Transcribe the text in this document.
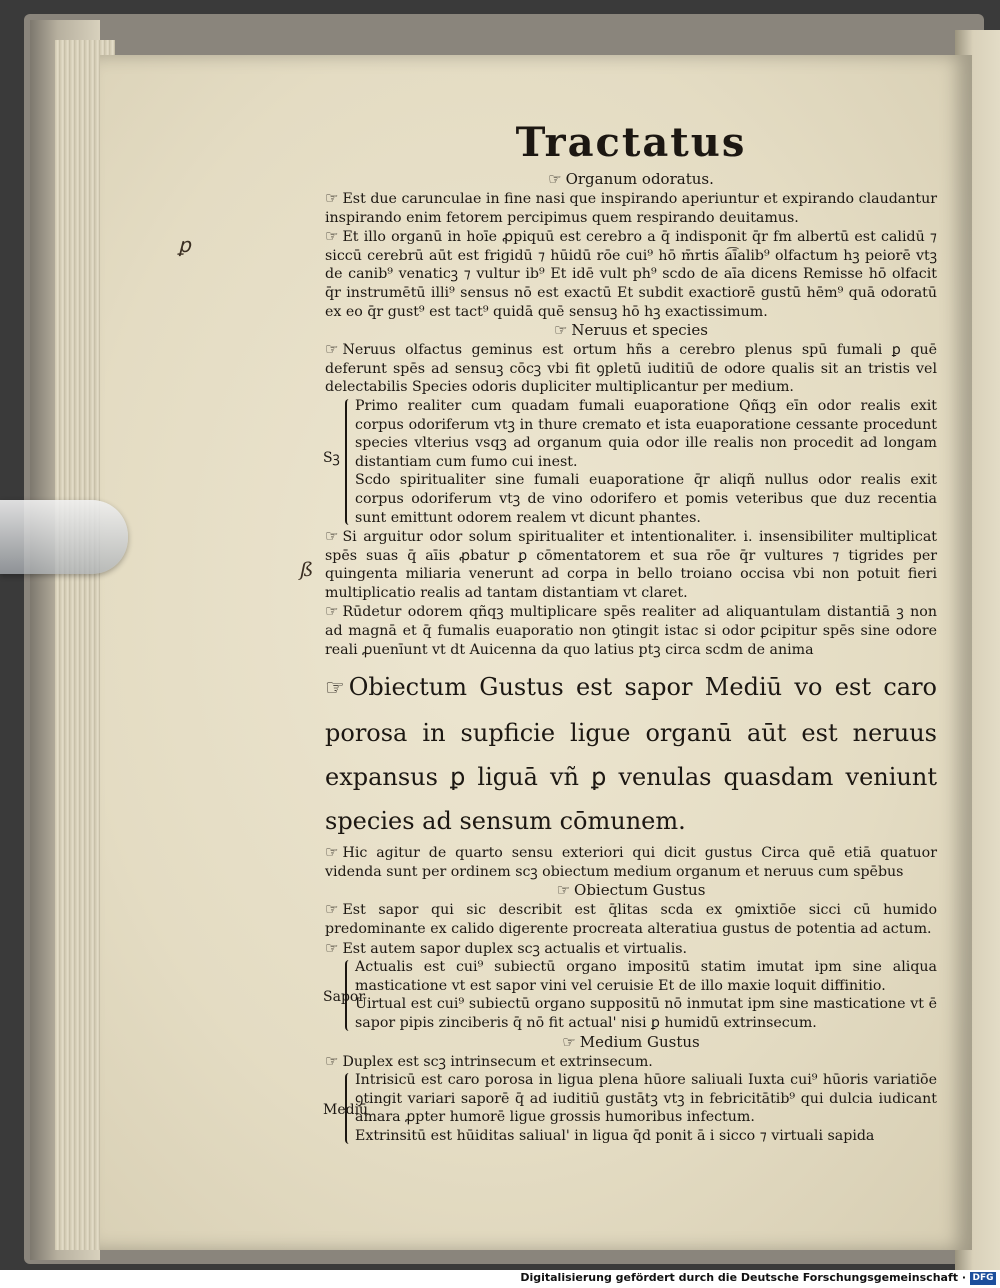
ꝑ
ß
Tractatus
☞ Organum odoratus.
☞ Est due carunculae in fine nasi que inspirando aperiuntur et expirando claudantur inspirando enim fetorem percipimus quem respirando deuitamus.
☞ Et illo organū in hoīe ꝓpiquū est cerebro a q̄ indisponit q̄r fm albertū est calidū ⁊ siccū cerebrū aūt est frigidū ⁊ hūidū rōe cui⁹ hō m̄rtis a͡īalib⁹ olfactum hꝫ peiorē vtꝫ de canib⁹ venaticꝫ ⁊ vultur ib⁹ Et idē vult ph⁹ scdo de aīa dicens Remisse hō olfacit q̄r instrumētū illi⁹ sensus nō est exactū Et subdit exactiorē gustū hēm⁹ quā odoratū ex eo q̄r gust⁹ est tact⁹ quidā quē sensuꝫ hō hꝫ exactissimum.
☞ Neruus et species
☞ Neruus olfactus geminus est ortum hñs a cerebro plenus spū fumali ꝑ quē deferunt spēs ad sensuꝫ cōcꝫ vbi fit ꝯpletū iuditiū de odore qualis sit an tristis vel delectabilis Species odoris dupliciter multiplicantur per medium.
Sꝫ
Primo realiter cum quadam fumali euaporatione Qñqꝫ eīn odor realis exit corpus odoriferum vtꝫ in thure cremato et ista euaporatione cessante procedunt species vlterius vsqꝫ ad organum quia odor ille realis non procedit ad longam distantiam cum fumo cui inest.
Scdo spiritualiter sine fumali euaporatione q̄r aliqñ nullus odor realis exit corpus odoriferum vtꝫ de vino odorifero et pomis veteribus que duz recentia sunt emittunt odorem realem vt dicunt phantes.
☞ Si arguitur odor solum spiritualiter et intentionaliter. i. insensibiliter multiplicat spēs suas q̄ aīis ꝓbatur ꝑ cōmentatorem et sua rōe q̄r vultures ⁊ tigrides per quingenta miliaria venerunt ad corpa in bello troiano occisa vbi non potuit fieri multiplicatio realis ad tantam distantiam vt claret.
☞ Rūdetur odorem qñqꝫ multiplicare spēs realiter ad aliquantulam distantiā ꝫ non ad magnā et q̄ fumalis euaporatio non ꝯtingit istac si odor ꝑcipitur spēs sine odore reali ꝓuenīunt vt dt Auicenna da quo latius ptꝫ circa scdm de anima
☞ Obiectum Gustus est sapor Mediū vo est caro porosa in supficie ligue organū aūt est neruus expansus ꝑ liguā vñ ꝑ venulas quasdam veniunt species ad sensum cōmunem.
☞ Hic agitur de quarto sensu exteriori qui dicit gustus Circa quē etiā quatuor videnda sunt per ordinem scꝫ obiectum medium organum et neruus cum spēbus
☞ Obiectum Gustus
☞ Est sapor qui sic describit est q̄litas scda ex ꝯmixtiōe sicci cū humido predominante ex calido digerente procreata alteratiua gustus de potentia ad actum.
☞ Est autem sapor duplex scꝫ actualis et virtualis.
Sapor
Actualis est cui⁹ subiectū organo impositū statim imutat ipm sine aliqua masticatione vt est sapor vini vel ceruisie Et de illo maxie loquit diffinitio.
Uirtual est cui⁹ subiectū organo suppositū nō inmutat ipm sine masticatione vt ē sapor pipis zinciberis q̄ nō fit actual' nisi ꝑ humidū extrinsecum.
☞ Medium Gustus
☞ Duplex est scꝫ intrinsecum et extrinsecum.
Mediū
Intrisicū est caro porosa in ligua plena hūore saliuali Iuxta cui⁹ hūoris variatiōe ꝯtingit variari saporē q̄ ad iuditiū gustātꝫ vtꝫ in febricitātib⁹ qui dulcia iudicant amara ꝓpter humorē ligue grossis humoribus infectum.
Extrinsitū est hūiditas saliual' in ligua q̄d ponit ā i sicco ⁊ virtuali sapida
Digitalisierung gefördert durch die Deutsche Forschungsgemeinschaft · DFG
